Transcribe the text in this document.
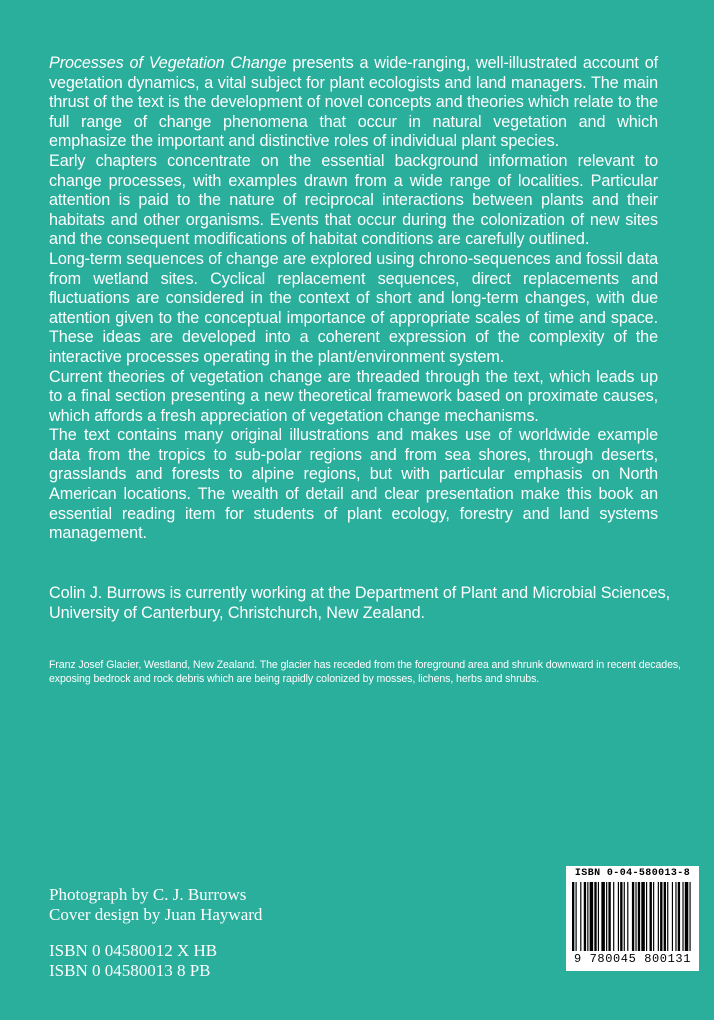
Processes of Vegetation Change presents a wide-ranging, well-illustrated account of vegetation dynamics, a vital subject for plant ecologists and land managers. The main thrust of the text is the development of novel concepts and theories which relate to the full range of change phenomena that occur in natural vegetation and which emphasize the important and distinctive roles of individual plant species.

Early chapters concentrate on the essential background information relevant to change processes, with examples drawn from a wide range of localities. Particular attention is paid to the nature of reciprocal interactions between plants and their habitats and other organisms. Events that occur during the colonization of new sites and the consequent modifications of habitat conditions are carefully outlined.

Long-term sequences of change are explored using chrono-sequences and fossil data from wetland sites. Cyclical replacement sequences, direct replacements and fluctuations are considered in the context of short and long-term changes, with due attention given to the conceptual importance of appropriate scales of time and space. These ideas are developed into a coherent expression of the complexity of the interactive processes operating in the plant/environment system.

Current theories of vegetation change are threaded through the text, which leads up to a final section presenting a new theoretical framework based on proximate causes, which affords a fresh appreciation of vegetation change mechanisms.

The text contains many original illustrations and makes use of worldwide example data from the tropics to sub-polar regions and from sea shores, through deserts, grasslands and forests to alpine regions, but with particular emphasis on North American locations. The wealth of detail and clear presentation make this book an essential reading item for students of plant ecology, forestry and land systems management.

Colin J. Burrows is currently working at the Department of Plant and Microbial Sciences, University of Canterbury, Christchurch, New Zealand.
Franz Josef Glacier, Westland, New Zealand. The glacier has receded from the foreground area and shrunk downward in recent decades, exposing bedrock and rock debris which are being rapidly colonized by mosses, lichens, herbs and shrubs.
Photograph by C. J. Burrows
Cover design by Juan Hayward
ISBN 0 04580012 X HB
ISBN 0 04580013 8 PB
ISBN 0-04-580013-8
9 780045 800131
